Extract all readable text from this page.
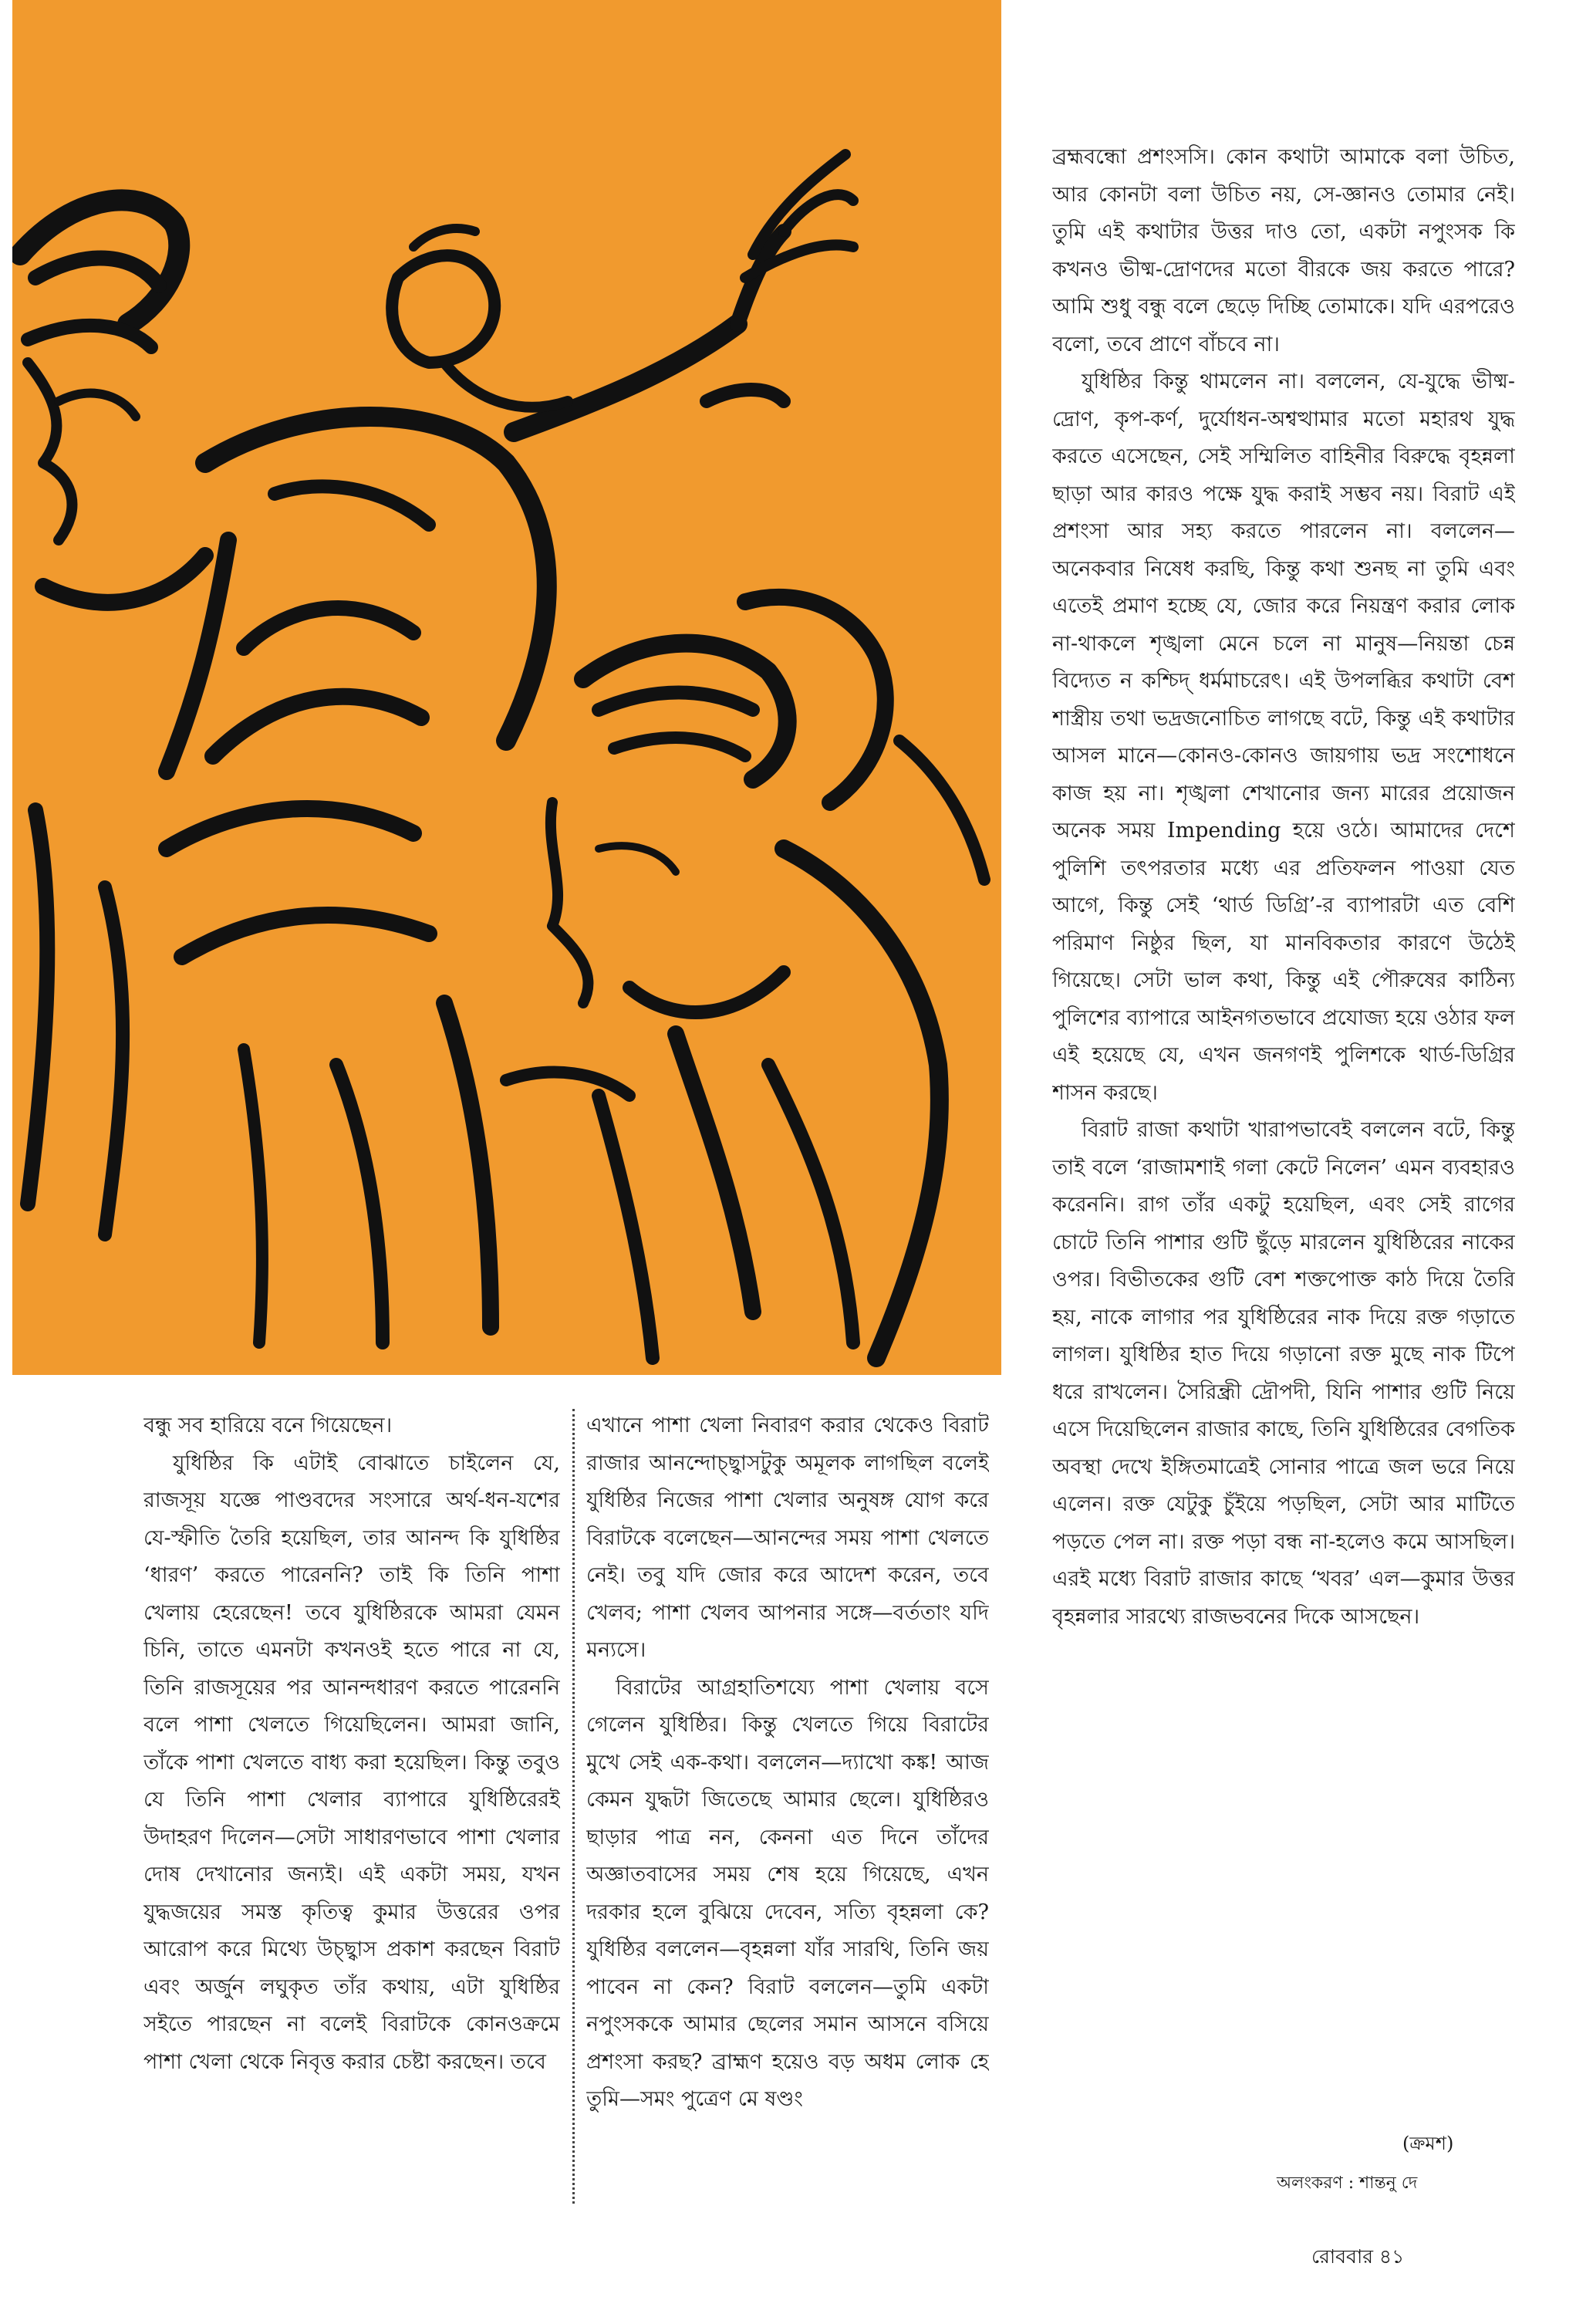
ব্রহ্মবন্ধো প্রশংসসি। কোন কথাটা আমাকে বলা উচিত, আর কোনটা বলা উচিত নয়, সে-জ্ঞানও তোমার নেই। তুমি এই কথাটার উত্তর দাও তো, একটা নপুংসক কি কখনও ভীষ্ম-দ্রোণদের মতো বীরকে জয় করতে পারে? আমি শুধু বন্ধু বলে ছেড়ে দিচ্ছি তোমাকে। যদি এরপরেও বলো, তবে প্রাণে বাঁচবে না।

যুধিষ্ঠির কিন্তু থামলেন না। বললেন, যে-যুদ্ধে ভীষ্ম-দ্রোণ, কৃপ-কর্ণ, দুর্যোধন-অশ্বত্থামার মতো মহারথ যুদ্ধ করতে এসেছেন, সেই সম্মিলিত বাহিনীর বিরুদ্ধে বৃহন্নলা ছাড়া আর কারও পক্ষে যুদ্ধ করাই সম্ভব নয়। বিরাট এই প্রশংসা আর সহ্য করতে পারলেন না। বললেন—অনেকবার নিষেধ করছি, কিন্তু কথা শুনছ না তুমি এবং এতেই প্রমাণ হচ্ছে যে, জোর করে নিয়ন্ত্রণ করার লোক না-থাকলে শৃঙ্খলা মেনে চলে না মানুষ—নিয়ন্তা চেন্ন বিদ্যেত ন কশ্চিদ্ ধর্মমাচরেৎ। এই উপলব্ধির কথাটা বেশ শাস্ত্রীয় তথা ভদ্রজনোচিত লাগছে বটে, কিন্তু এই কথাটার আসল মানে—কোনও-কোনও জায়গায় ভদ্র সংশোধনে কাজ হয় না। শৃঙ্খলা শেখানোর জন্য মারের প্রয়োজন অনেক সময় Impending হয়ে ওঠে। আমাদের দেশে পুলিশি তৎপরতার মধ্যে এর প্রতিফলন পাওয়া যেত আগে, কিন্তু সেই ‘থার্ড ডিগ্রি’-র ব্যাপারটা এত বেশি পরিমাণ নিষ্ঠুর ছিল, যা মানবিকতার কারণে উঠেই গিয়েছে। সেটা ভাল কথা, কিন্তু এই পৌরুষের কাঠিন্য পুলিশের ব্যাপারে আইনগতভাবে প্রযোজ্য হয়ে ওঠার ফল এই হয়েছে যে, এখন জনগণই পুলিশকে থার্ড-ডিগ্রির শাসন করছে।

বিরাট রাজা কথাটা খারাপভাবেই বললেন বটে, কিন্তু তাই বলে ‘রাজামশাই গলা কেটে নিলেন’ এমন ব্যবহারও করেননি। রাগ তাঁর একটু হয়েছিল, এবং সেই রাগের চোটে তিনি পাশার গুটি ছুঁড়ে মারলেন যুধিষ্ঠিরের নাকের ওপর। বিভীতকের গুটি বেশ শক্তপোক্ত কাঠ দিয়ে তৈরি হয়, নাকে লাগার পর যুধিষ্ঠিরের নাক দিয়ে রক্ত গড়াতে লাগল। যুধিষ্ঠির হাত দিয়ে গড়ানো রক্ত মুছে নাক টিপে ধরে রাখলেন। সৈরিন্ধ্রী দ্রৌপদী, যিনি পাশার গুটি নিয়ে এসে দিয়েছিলেন রাজার কাছে, তিনি যুধিষ্ঠিরের বেগতিক অবস্থা দেখে ইঙ্গিতমাত্রেই সোনার পাত্রে জল ভরে নিয়ে এলেন। রক্ত যেটুকু চুঁইয়ে পড়ছিল, সেটা আর মাটিতে পড়তে পেল না। রক্ত পড়া বন্ধ না-হলেও কমে আসছিল। এরই মধ্যে বিরাট রাজার কাছে ‘খবর’ এল—কুমার উত্তর বৃহন্নলার সারথ্যে রাজভবনের দিকে আসছেন।

বন্ধু সব হারিয়ে বনে গিয়েছেন।

যুধিষ্ঠির কি এটাই বোঝাতে চাইলেন যে, রাজসূয় যজ্ঞে পাণ্ডবদের সংসারে অর্থ-ধন-যশের যে-স্ফীতি তৈরি হয়েছিল, তার আনন্দ কি যুধিষ্ঠির ‘ধারণ’ করতে পারেননি? তাই কি তিনি পাশা খেলায় হেরেছেন! তবে যুধিষ্ঠিরকে আমরা যেমন চিনি, তাতে এমনটা কখনওই হতে পারে না যে, তিনি রাজসূয়ের পর আনন্দধারণ করতে পারেননি বলে পাশা খেলতে গিয়েছিলেন। আমরা জানি, তাঁকে পাশা খেলতে বাধ্য করা হয়েছিল। কিন্তু তবুও যে তিনি পাশা খেলার ব্যাপারে যুধিষ্ঠিরেরই উদাহরণ দিলেন—সেটা সাধারণভাবে পাশা খেলার দোষ দেখানোর জন্যই। এই একটা সময়, যখন যুদ্ধজয়ের সমস্ত কৃতিত্ব কুমার উত্তরের ওপর আরোপ করে মিথ্যে উচ্ছ্বাস প্রকাশ করছেন বিরাট এবং অর্জুন লঘুকৃত তাঁর কথায়, এটা যুধিষ্ঠির সইতে পারছেন না বলেই বিরাটকে কোনওক্রমে পাশা খেলা থেকে নিবৃত্ত করার চেষ্টা করছেন। তবে

এখানে পাশা খেলা নিবারণ করার থেকেও বিরাট রাজার আনন্দোচ্ছ্বাসটুকু অমূলক লাগছিল বলেই যুধিষ্ঠির নিজের পাশা খেলার অনুষঙ্গ যোগ করে বিরাটকে বলেছেন—আনন্দের সময় পাশা খেলতে নেই। তবু যদি জোর করে আদেশ করেন, তবে খেলব; পাশা খেলব আপনার সঙ্গে—বর্ততাং যদি মন্যসে।

বিরাটের আগ্রহাতিশয্যে পাশা খেলায় বসে গেলেন যুধিষ্ঠির। কিন্তু খেলতে গিয়ে বিরাটের মুখে সেই এক-কথা। বললেন—দ্যাখো কঙ্ক! আজ কেমন যুদ্ধটা জিতেছে আমার ছেলে। যুধিষ্ঠিরও ছাড়ার পাত্র নন, কেননা এত দিনে তাঁদের অজ্ঞাতবাসের সময় শেষ হয়ে গিয়েছে, এখন দরকার হলে বুঝিয়ে দেবেন, সত্যি বৃহন্নলা কে? যুধিষ্ঠির বললেন—বৃহন্নলা যাঁর সারথি, তিনি জয় পাবেন না কেন? বিরাট বললেন—তুমি একটা নপুংসককে আমার ছেলের সমান আসনে বসিয়ে প্রশংসা করছ? ব্রাহ্মণ হয়েও বড় অধম লোক হে তুমি—সমং পুত্রেণ মে ষণ্ডং

(ক্রমশ)
অলংকরণ : শান্তনু দে
রোববার ৪১
